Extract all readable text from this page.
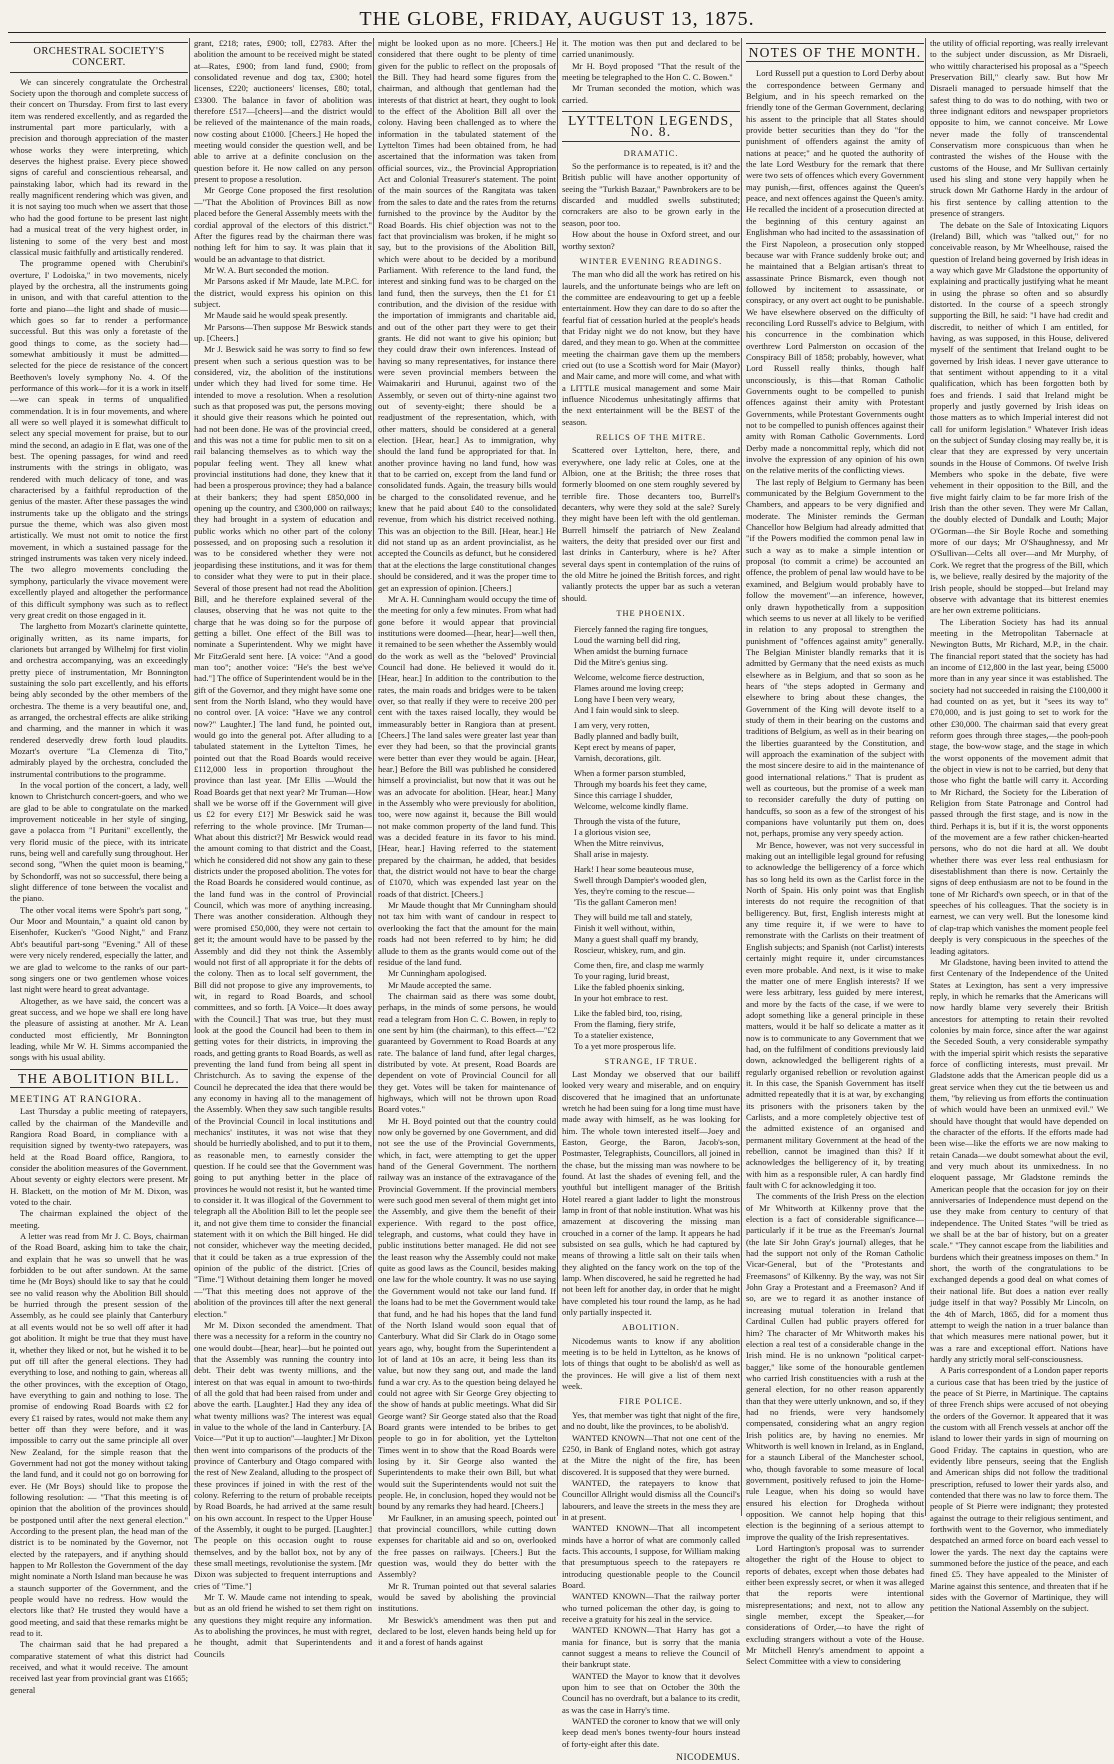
THE GLOBE, FRIDAY, AUGUST 13, 1875.
ORCHESTRAL SOCIETY'S CONCERT.

We can sincerely congratulate the Orchestral Society upon the thorough and complete success of their concert on Thursday. From first to last every item was rendered excellently, and as regarded the instrumental part more particularly, with a precision and thorough appreciation of the master whose works they were interpreting, which deserves the highest praise. Every piece showed signs of careful and conscientious rehearsal, and painstaking labor, which had its reward in the really magnificent rendering which was given, and it is not saying too much when we assert that those who had the good fortune to be present last night had a musical treat of the very highest order, in listening to some of the very best and most classical music faithfully and artistically rendered.

The programme opened with Cherubini's overture, I' Lodoiska," in two movements, nicely played by the orchestra, all the instruments going in unison, and with that careful attention to the forte and piano—the light and shade of music—which goes so far to render a performance successful. But this was only a foretaste of the good things to come, as the society had—somewhat ambitiously it must be admitted—selected for the piece de resistance of the concert Beethoven's lovely symphony No. 4. Of the performance of this work—for it is a work in itself—we can speak in terms of unqualified commendation. It is in four movements, and where all were so well played it is somewhat difficult to select any special movement for praise, but to our mind the second, an adagio in E flat, was one of the best. The opening passages, for wind and reed instruments with the strings in obligato, was rendered with much delicacy of tone, and was characterised by a faithful reproduction of the genius of the master. After these passages the wind instruments take up the obligato and the strings pursue the theme, which was also given most artistically. We must not omit to notice the first movement, in which a sustained passage for the stringed instruments was taken very nicely indeed. The two allegro movements concluding the symphony, particularly the vivace movement were excellently played and altogether the performance of this difficult symphony was such as to reflect very great credit on those engaged in it.

The larghetto from Mozart's clarinette quintette, originally written, as its name imparts, for clarionets but arranged by Wilhelmj for first violin and orchestra accompanying, was an exceedingly pretty piece of instrumentation, Mr Bonnington sustaining the solo part excellently, and his efforts being ably seconded by the other members of the orchestra. The theme is a very beautiful one, and, as arranged, the orchestral effects are alike striking and charming, and the manner in which it was rendered deservedly drew forth loud plaudits. Mozart's overture "La Clemenza di Tito," admirably played by the orchestra, concluded the instrumental contributions to the programme.

In the vocal portion of the concert, a lady, well known to Christchurch concert-goers, and who we are glad to be able to congratulate on the marked improvement noticeable in her style of singing, gave a polacca from "I Puritani" excellently, the very florid music of the piece, with its intricate runs, being well and carefully sung throughout. Her second song, "When the quiet moon is beaming," by Schondorff, was not so successful, there being a slight difference of tone between the vocalist and the piano.

The other vocal items were Spohr's part song, " Our Moor and Mountain," a quaint old canon by Eisenhofer, Kucken's "Good Night," and Franz Abt's beautiful part-song "Evening." All of these were very nicely rendered, especially the latter, and we are glad to welcome to the ranks of our part-song singers one or two gentlemen whose voices last night were heard to great advantage.

Altogether, as we have said, the concert was a great success, and we hope we shall ere long have the pleasure of assisting at another. Mr A. Lean conducted most efficiently, Mr Bonnington leading, while Mr W. H. Simms accompanied the songs with his usual ability.

THE ABOLITION BILL.
MEETING AT RANGIORA.

Last Thursday a public meeting of ratepayers, called by the chairman of the Mandeville and Rangiora Road Board, in compliance with a requisition signed by twenty-two ratepayers, was held at the Road Board office, Rangiora, to consider the abolition measures of the Government. About seventy or eighty electors were present. Mr H. Blackett, on the motion of Mr M. Dixon, was voted to the chair.

The chairman explained the object of the meeting.

A letter was read from Mr J. C. Boys, chairman of the Road Board, asking him to take the chair, and explain that he was so unwell that he was forbidden to be out after sundown. At the same time he (Mr Boys) should like to say that he could see no valid reason why the Abolition Bill should be hurried through the present session of the Assembly, as he could see plainly that Canterbury at all events would not be so well off after it had got abolition. It might be true that they must have it, whether they liked or not, but he wished it to be put off till after the general elections. They had everything to lose, and nothing to gain, whereas all the other provinces, with the exception of Otago, have everything to gain and nothing to lose. The promise of endowing Road Boards with £2 for every £1 raised by rates, would not make them any better off than they were before, and it was impossible to carry out the same principle all over New Zealand, for the simple reason that the Government had not got the money without taking the land fund, and it could not go on borrowing for ever. He (Mr Boys) should like to propose the following resolution: — "That this meeting is of opinion that the abolition of the provinces should be postponed until after the next general election." According to the present plan, the head man of the district is to be nominated by the Governor, not elected by the ratepayers, and if anything should happen to Mr Rolleston the Government of the day might nominate a North Island man because he was a staunch supporter of the Government, and the people would have no redress. How would the electors like that? He trusted they would have a good meeting, and said that these remarks might be read to it.

The chairman said that he had prepared a comparative statement of what this district had received, and what it would receive. The amount received last year from provincial grant was £1665; general

grant, £218; rates, £900; toll, £2783. After the abolition the amount to be received might be stated at—Rates, £900; from land fund, £900; from consolidated revenue and dog tax, £300; hotel licenses, £220; auctioneers' licenses, £80; total, £3300. The balance in favor of abolition was therefore £517—[cheers]—and the district would be relieved of the maintenance of the main roads, now costing about £1000. [Cheers.] He hoped the meeting would consider the question well, and be able to arrive at a definite conclusion on the question before it. He now called on any person present to propose a resolution.

Mr George Cone proposed the first resolution—"That the Abolition of Provinces Bill as now placed before the General Assembly meets with the cordial approval of the electors of this district." After the figures read by the chairman there was nothing left for him to say. It was plain that it would be an advantage to that district.

Mr W. A. Burt seconded the motion.

Mr Parsons asked if Mr Maude, late M.P.C. for the district, would express his opinion on this subject.

Mr Maude said he would speak presently.

Mr Parsons—Then suppose Mr Beswick stands up. [Cheers.]

Mr J. Beswick said he was sorry to find so few present when such a serious question was to be considered, viz, the abolition of the institutions under which they had lived for some time. He intended to move a resolution. When a resolution such as that proposed was put, the persons moving it should give their reasons which he pointed out had not been done. He was of the provincial creed, and this was not a time for public men to sit on a rail balancing themselves as to which way the popular feeling went. They all knew what provincial institutions had done, they knew that it had been a prosperous province; they had a balance at their bankers; they had spent £850,000 in opening up the country, and £300,000 on railways; they had brought in a system of education and public works which no other part of the colony possessed, and on proposing such a resolution it was to be considered whether they were not jeopardising these institutions, and it was for them to consider what they were to put in their place. Several of those present had not read the Abolition Bill, and he therefore explained several of the clauses, observing that he was not quite to the charge that he was doing so for the purpose of getting a billet. One effect of the Bill was to nominate a Superintendent. Why we might have Mr FitzGerald sent here. [A voice: "And a good man too"; another voice: "He's the best we've had."] The office of Superintendent would be in the gift of the Governor, and they might have some one sent from the North Island, who they would have no control over. [A voice: "Have we any control now?" Laughter.] The land fund, he pointed out, would go into the general pot. After alluding to a tabulated statement in the Lyttelton Times, he pointed out that the Road Boards would receive £112,000 less in proportion throughout the province than last year. [Mr Ellis —Would the Road Boards get that next year? Mr Truman—How shall we be worse off if the Government will give us £2 for every £1?] Mr Beswick said he was referring to the whole province. [Mr Truman—What about this district?] Mr Beswick would read the amount coming to that district and the Coast, which he considered did not show any gain to these districts under the proposed abolition. The votes for the Road Boards he considered would continue, as the land fund was in the control of Provincial Council, which was more of anything increasing. There was another consideration. Although they were promised £50,000, they were not certain to get it; the amount would have to be passed by the Assembly and did they not think the Assembly would not first of all appropriate it for the debts of the colony. Then as to local self government, the Bill did not propose to give any improvements, to wit, in regard to Road Boards, and school committees, and so forth. [A Voice—It does away with the Council.] That was true, but they must look at the good the Council had been to them in getting votes for their districts, in improving the roads, and getting grants to Road Boards, as well as preventing the land fund from being all spent in Christchurch. As to saving the expense of the Council he deprecated the idea that there would be any economy in having all to the management of the Assembly. When they saw such tangible results of the Provincial Council in local institutions and mechanics' institutes, it was not wise that they should be hurriedly abolished, and to put it to them, as reasonable men, to earnestly consider the question. If he could see that the Government was going to put anything better in the place of provinces he would not resist it, but he wanted time to consider it. It was illogical of the Government to telegraph all the Abolition Bill to let the people see it, and not give them time to consider the financial statement with it on which the Bill hinged. He did not consider, whichever way the meeting decided, that it could be taken as a true expression of the opinion of the public of the district. [Cries of "Time."] Without detaining them longer he moved—"That this meeting does not approve of the abolition of the provinces till after the next general election."

Mr M. Dixon seconded the amendment. That there was a necessity for a reform in the country no one would doubt—[hear, hear]—but he pointed out that the Assembly was running the country into debt. Their debt was twenty millions, and the interest on that was equal in amount to two-thirds of all the gold that had been raised from under and above the earth. [Laughter.] Had they any idea of what twenty millions was? The interest was equal in value to the whole of the land in Canterbury. [A Voice—"Put it up to auction"—laughter.] Mr Dixon then went into comparisons of the products of the province of Canterbury and Otago compared with the rest of New Zealand, alluding to the prospect of these provinces if joined in with the rest of the colony. Referring to the return of probable receipts by Road Boards, he had arrived at the same result on his own account. In respect to the Upper House of the Assembly, it ought to be purged. [Laughter.] The people on this occasion ought to rouse themselves, and by the ballot box, not by any of these small meetings, revolutionise the system. [Mr Dixon was subjected to frequent interruptions and cries of "Time."]

Mr T. W. Maude came not intending to speak, but as an old friend he wished to set them right on any questions they might require any information. As to abolishing the provinces, he must with regret, he thought, admit that Superintendents and Councils

might be looked upon as no more. [Cheers.] He considered that there ought to be plenty of time given for the public to reflect on the proposals of the Bill. They had heard some figures from the chairman, and although that gentleman had the interests of that district at heart, they ought to look to the effect of the Abolition Bill all over the colony. Having been challenged as to where the information in the tabulated statement of the Lyttelton Times had been obtained from, he had ascertained that the information was taken from official sources, viz., the Provincial Appropriation Act and Colonial Treasurer's statement. The point of the main sources of the Rangitata was taken from the sales to date and the rates from the returns furnished to the province by the Auditor by the Road Boards. His chief objection was not to the fact that provincialism was broken, if he might so say, but to the provisions of the Abolition Bill, which were about to be decided by a moribund Parliament. With reference to the land fund, the interest and sinking fund was to be charged on the land fund, then the surveys, then the £1 for £1 contribution, and the division of the residue with the importation of immigrants and charitable aid, and out of the other part they were to get their grants. He did not want to give his opinion; but they could draw their own inferences. Instead of having so many representatives, for instance there were seven provincial members between the Waimakariri and Hurunui, against two of the Assembly, or seven out of thirty-nine against two out of seventy-eight; there should be a readjustment of the representation, which, with other matters, should be considered at a general election. [Hear, hear.] As to immigration, why should the land fund be appropriated for that. In another province having no land fund, how was that to be carried on, except from the land fund or consolidated funds. Again, the treasury bills would be charged to the consolidated revenue, and he knew that he paid about £40 to the consolidated revenue, from which his district received nothing. This was an objection to the Bill. [Hear, hear.] He did not stand up as an ardent provincialist, as he accepted the Councils as defunct, but he considered that at the elections the large constitutional changes should be considered, and it was the proper time to get an expression of opinion. [Cheers.]

Mr A. H. Cunningham would occupy the time of the meeting for only a few minutes. From what had gone before it would appear that provincial institutions were doomed—[hear, hear]—well then, it remained to be seen whether the Assembly would do the work as well as the "beloved" Provincial Council had done. He believed it would do it. [Hear, hear.] In addition to the contribution to the rates, the main roads and bridges were to be taken over, so that really if they were to receive 200 per cent with the taxes raised locally, they would be immeasurably better in Rangiora than at present. [Cheers.] The land sales were greater last year than ever they had been, so that the provincial grants were better than ever they would be again. [Hear, hear.] Before the Bill was published he considered himself a provincialist, but now that it was out he was an advocate for abolition. [Hear, hear.] Many in the Assembly who were previously for abolition, too, were now against it, because the Bill would not make common property of the land fund. This was a decided feature in its favor to his mind. [Hear, hear.] Having referred to the statement prepared by the chairman, he added, that besides that, the district would not have to bear the charge of £1070, which was expended last year on the roads of that district. [Cheers.]

Mr Maude thought that Mr Cunningham should not tax him with want of candour in respect to overlooking the fact that the amount for the main roads had not been referred to by him; he did allude to them as the grants would come out of the residue of the land fund.

Mr Cunningham apologised.

Mr Maude accepted the same.

The chairman said as there was some doubt, perhaps, in the minds of some persons, he would read a telegram from Hon C. C. Bowen, in reply to one sent by him (the chairman), to this effect—"£2 guaranteed by Government to Road Boards at any rate. The balance of land fund, after legal charges, distributed by vote. At present, Road Boards are dependent on vote of Provincial Council for all they get. Votes will be taken for maintenance of highways, which will not be thrown upon Road Board votes."

Mr H. Boyd pointed out that the country could now only be governed by one Government, and did not see the use of the Provincial Governments, which, in fact, were attempting to get the upper hand of the General Government. The northern railway was an instance of the extravagance of the Provincial Government. If the provincial members were such good men several of them might get into the Assembly, and give them the benefit of their experience. With regard to the post office, telegraph, and customs, what could they have in public institutions better managed. He did not see the least reason why the Assembly could not make quite as good laws as the Council, besides making one law for the whole country. It was no use saying the Government would not take our land fund. If the loans had to be met the Government would take that fund, and he had his hopes that the land fund of the North Island would soon equal that of Canterbury. What did Sir Clark do in Otago some years ago, why, bought from the Superintendent a lot of land at 10s an acre, it being less than its value, but now they sang out, and made the land fund a war cry. As to the question being delayed he could not agree with Sir George Grey objecting to the show of hands at public meetings. What did Sir George want? Sir George stated also that the Road Board grants were intended to be bribes to get people to go in for abolition, yet the Lyttelton Times went in to show that the Road Boards were losing by it. Sir George also wanted the Superintendents to make their own Bill, but what would suit the Superintendents would not suit the people. He, in conclusion, hoped they would not be bound by any remarks they had heard. [Cheers.]

Mr Faulkner, in an amusing speech, pointed out that provincial councillors, while cutting down expenses for charitable aid and so on, overlooked the free passes on railways. [Cheers.] But the question was, would they do better with the Assembly?

Mr R. Truman pointed out that several salaries would be saved by abolishing the provincial institutions.

Mr Beswick's amendment was then put and declared to be lost, eleven hands being held up for it and a forest of hands against

it. The motion was then put and declared to be carried unanimously.

Mr H. Boyd proposed "That the result of the meeting be telegraphed to the Hon C. C. Bowen."

Mr Truman seconded the motion, which was carried.

LYTTELTON LEGENDS, No. 8.
DRAMATIC.

So the performance is to repeated, is it? and the British public will have another opportunity of seeing the "Turkish Bazaar," Pawnbrokers are to be discarded and muddled swells substituted; corncrakers are also to be grown early in the season, poor too.

How about the house in Oxford street, and our worthy sexton?

WINTER EVENING READINGS.

The man who did all the work has retired on his laurels, and the unfortunate beings who are left on the committee are endeavouring to get up a feeble entertainment. How they can dare to do so after the fearful fiat of cessation hurled at the people's heads that Friday night we do not know, but they have dared, and they mean to go. When at the committee meeting the chairman gave them up the members cried out (to use a Scottish word for Mair (Mayor) and Mair came, and more will come, and what with a LITTLE musical management and some Mair influence Nicodemus unhesitatingly affirms that the next entertainment will be the BEST of the season.

RELICS OF THE MITRE.

Scattered over Lyttelton, here, there, and everywhere, one lady relic at Coles, one at the Albion, one at the British; the three roses that formerly bloomed on one stem roughly severed by terrible fire. Those decanters too, Burrell's decanters, why were they sold at the sale? Surely they might have been left with the old gentleman. Burrell himself the patriarch of New Zealand waiters, the deity that presided over our first and last drinks in Canterbury, where is he? After several days spent in contemplation of the ruins of the old Mitre he joined the British forces, and right valiantly protects the upper bar as such a veteran should.

THE PHOENIX.
Fiercely fanned the raging fire tongues,
Loud the warning bell did ring,
When amidst the burning furnace
Did the Mitre's genius sing.
Welcome, welcome fierce destruction,
Flames around me loving creep;
Long have I been very weary,
And I fain would sink to sleep.
I am very, very rotten,
Badly planned and badly built,
Kept erect by means of paper,
Varnish, decorations, gilt.
When a former parson stumbled,
Through my boards his feet they came,
Since this carriage I shudder,
Welcome, welcome kindly flame.
Through the vista of the future,
I a glorious vision see,
When the Mitre reinvivus,
Shall arise in majesty.
Hark! I hear some beauteous muse,
Swell through Dampier's wooded glen,
Yes, they're coming to the rescue—
'Tis the gallant Cameron men!
They will build me tall and stately,
Finish it well without, within,
Many a guest shall quaff my brandy,
Roscieur, whiskey, rum, and gin.
Come then, fire, and clasp me warmly
To your raging, lurid breast,
Like the fabled phoenix sinking,
In your hot embrace to rest.
Like the fabled bird, too, rising,
From the flaming, fiery strife,
To a statelier existence,
To a yet more prosperous life.
STRANGE, IF TRUE.

Last Monday we observed that our bailiff looked very weary and miserable, and on enquiry discovered that he imagined that an unfortunate wretch he had been suing for a long time must have made away with himself, as he was looking for him. The whole town interested itself—Joey and Easton, George, the Baron, Jacob's-son, Postmaster, Telegraphists, Councillors, all joined in the chase, but the missing man was nowhere to be found. At last the shades of evening fell, and the youthful but intelligent manager of the British Hotel reared a giant ladder to light the monstrous lamp in front of that noble institution. What was his amazement at discovering the missing man crouched in a corner of the lamp. It appears he had subsisted on sea gulls, which he had captured by means of throwing a little salt on their tails when they alighted on the fancy work on the top of the lamp. When discovered, he said he regretted he had not been left for another day, in order that he might have completed his tour round the lamp, as he had only partially inspected it.

ABOLITION.

Nicodemus wants to know if any abolition meeting is to be held in Lyttelton, as he knows of lots of things that ought to be abolish'd as well as the provinces. He will give a list of them next week.

FIRE POLICE.

Yes, that member was tight that night of the fire, and no doubt, like the provinces, to be abolish'd.

WANTED KNOWN—That not one cent of the £250, in Bank of England notes, which got astray at the Mitre the night of the fire, has been discovered. It is supposed that they were burned.

WANTED, the ratepayers to know that Councillor Allright would dismiss all the Council's labourers, and leave the streets in the mess they are in at present.

WANTED KNOWN—That all incompetent minds have a horror of what are commonly called facts. This accounts, I suppose, for William making that presumptuous speech to the ratepayers re introducing questionable people to the Council Board.

WANTED KNOWN—That the railway porter who turned policeman the other day, is going to receive a gratuity for his zeal in the service.

WANTED KNOWN—That Harry has got a mania for finance, but is sorry that the mania cannot suggest a means to relieve the Council of their bankrupt state.

WANTED the Mayor to know that it devolves upon him to see that on October the 30th the Council has no overdraft, but a balance to its credit, as was the case in Harry's time.

WANTED the coroner to know that we will only keep dead men's bones twenty-four hours instead of forty-eight after this date.

NICODEMUS.
NOTES OF THE MONTH.

Lord Russell put a question to Lord Derby about the correspondence between Germany and Belgium, and in his speech remarked on the friendly tone of the German Government, declaring his assent to the principle that all States should provide better securities than they do "for the punishment of offenders against the amity of nations at peace;" and he quoted the authority of the late Lord Westbury for the remark that there were two sets of offences which every Government may punish,—first, offences against the Queen's peace, and next offences against the Queen's amity. He recalled the incident of a prosecution directed at the beginning of this century against an Englishman who had incited to the assassination of the First Napoleon, a prosecution only stopped because war with France suddenly broke out; and he maintained that a Belgian artisan's threat to assassinate Prince Bismarck, even though not followed by incitement to assassinate, or conspiracy, or any overt act ought to be punishable. We have elsewhere observed on the difficulty of reconciling Lord Russell's advice to Belgium, with his concurrence in the combination which overthrew Lord Palmerston on occasion of the Conspiracy Bill of 1858; probably, however, what Lord Russell really thinks, though half unconsciously, is this—that Roman Catholic Governments ought to be compelled to punish offences against their amity with Protestant Governments, while Protestant Governments ought not to be compelled to punish offences against their amity with Roman Catholic Governments. Lord Derby made a noncommittal reply, which did not involve the expression of any opinion of his own on the relative merits of the conflicting views.

The last reply of Belgium to Germany has been communicated by the Belgium Government to the Chambers, and appears to be very dignified and moderate. The Minister reminds the German Chancellor how Belgium had already admitted that "if the Powers modified the common penal law in such a way as to make a simple intention or proposal (to commit a crime) be accounted an offence, the problem of penal law would have to be examined, and Belgium would probably have to follow the movement"—an inference, however, only drawn hypothetically from a supposition which seems to us never at all likely to be verified in relation to any proposal to strengthen the punishment of "offences against amity" generally. The Belgian Minister blandly remarks that it is admitted by Germany that the need exists as much elsewhere as in Belgium, and that so soon as he hears of "the steps adopted in Germany and elsewhere to bring about these changes, the Government of the King will devote itself to a study of them in their bearing on the customs and traditions of Belgium, as well as in their bearing on the liberties guaranteed by the Constitution, and will approach the examination of the subject with the most sincere desire to aid in the maintenance of good international relations." That is prudent as well as courteous, but the promise of a week man to reconsider carefully the duty of putting on handcuffs, so soon as a few of the strongest of his companions have voluntarily put them on, does not, perhaps, promise any very speedy action.

Mr Bence, however, was not very successful in making out an intelligible legal ground for refusing to acknowledge the belligerency of a force which has so long held its own as the Carlist force in the North of Spain. His only point was that English interests do not require the recognition of that belligerency. But, first, English interests might at any time require it, if we were to have to remonstrate with the Carlists on their treatment of English subjects; and Spanish (not Carlist) interests certainly might require it, under circumstances even more probable. And next, is it wise to make the matter one of mere English interests? If we were less arbitrary, less guided by mere interest, and more by the facts of the case, if we were to adopt something like a general principle in these matters, would it be half so delicate a matter as it now is to communicate to any Government that we had, on the fulfilment of conditions previously laid down, acknowledged the belligerent rights of a regularly organised rebellion or revolution against it. In this case, the Spanish Government has itself admitted repeatedly that it is at war, by exchanging its prisoners with the prisoners taken by the Carlists, and a more completely objective test of the admitted existence of an organised and permanent military Government at the head of the rebellion, cannot be imagined than this? If it acknowledges the belligerency of it, by treating with him as a responsible ruler, A can hardly find fault with C for acknowledging it too.

The comments of the Irish Press on the election of Mr Whitworth at Kilkenny prove that the election is a fact of considerable significance—particularly if it be true as the Freeman's Journal (the late Sir John Gray's journal) alleges, that he had the support not only of the Roman Catholic Vicar-General, but of the "Protestants and Freemasons" of Kilkenny. By the way, was not Sir John Gray a Protestant and a Freemason? And if so, are we to regard it as another instance of increasing mutual toleration in Ireland that Cardinal Cullen had public prayers offered for him? The character of Mr Whitworth makes his election a real test of a considerable change in the Irish mind. He is no unknown "political carpet-bagger," like some of the honourable gentlemen who carried Irish constituencies with a rush at the general election, for no other reason apparently than that they were utterly unknown, and so, if they had no friends, were very handsomely compensated, considering what an angry region Irish politics are, by having no enemies. Mr Whitworth is well known in Ireland, as in England, for a staunch Liberal of the Manchester school, who, though favorable to some measure of local government, positively refused to join the Home-rule League, when his doing so would have ensured his election for Drogheda without opposition. We cannot help hoping that this election is the beginning of a serious attempt to improve the quality of the Irish representatives.

Lord Hartington's proposal was to surrender altogether the right of the House to object to reports of debates, except when those debates had either been expressly secret, or when it was alleged that the reports were intentional misrepresentations; and next, not to allow any single member, except the Speaker,—for considerations of Order,—to have the right of excluding strangers without a vote of the House. Mr Mitchell Henry's amendment to appoint a Select Committee with a view to considering

the utility of official reporting, was really irrelevant to the subject under discussion, as Mr Disraeli, who wittily characterised his proposal as a "Speech Preservation Bill," clearly saw. But how Mr Disraeli managed to persuade himself that the safest thing to do was to do nothing, with two or three indignant editors and newspaper proprietors opposite to him, we cannot conceive. Mr Lowe never made the folly of transcendental Conservatism more conspicuous than when he contrasted the wishes of the House with the customs of the House, and Mr Sullivan certainly used his sling and stone very happily when he struck down Mr Gathorne Hardy in the ardour of his first sentence by calling attention to the presence of strangers.

The debate on the Sale of Intoxicating Liquors (Ireland) Bill, which was "talked out," for no conceivable reason, by Mr Wheelhouse, raised the question of Ireland being governed by Irish ideas in a way which gave Mr Gladstone the opportunity of explaining and practically justifying what he meant in using the phrase so often and so absurdly distorted. In the course of a speech strongly supporting the Bill, he said: "I have had credit and discredit, to neither of which I am entitled, for having, as was supposed, in this House, delivered myself of the sentiment that Ireland ought to be governed by Irish ideas. I never gave utterance to that sentiment without appending to it a vital qualification, which has been forgotten both by foes and friends. I said that Ireland might be properly and justly governed by Irish ideas on those matters as to which Imperial interest did not call for uniform legislation." Whatever Irish ideas on the subject of Sunday closing may really be, it is clear that they are expressed by very uncertain sounds in the House of Commons. Of twelve Irish Members who spoke in the debate, five were vehement in their opposition to the Bill, and the five might fairly claim to be far more Irish of the Irish than the other seven. They were Mr Callan, the doubly elected of Dundalk and Louth; Major O'Gorman—the Sir Boyle Roche and something more of our days; Mr O'Shaughnessy, and Mr O'Sullivan—Celts all over—and Mr Murphy, of Cork. We regret that the progress of the Bill, which is, we believe, really desired by the majority of the Irish people, should be stopped—but Ireland may observe with advantage that its bitterest enemies are her own extreme politicians.

The Liberation Society has had its annual meeting in the Metropolitan Tabernacle at Newington Butts, Mr Richard, M.P., in the chair. The financial report stated that the society has had an income of £12,800 in the last year, being £5000 more than in any year since it was established. The society had not succeeded in raising the £100,000 it had counted on as yet, but it "sees its way to" £70,000, and is just going to set to work for the other £30,000. The chairman said that every great reform goes through three stages,—the pooh-pooh stage, the bow-wow stage, and the stage in which the worst opponents of the movement admit that the object in view is not to be carried, but deny that those who fight the battle will carry it. According to Mr Richard, the Society for the Liberation of Religion from State Patronage and Control had passed through the first stage, and is now in the third. Perhaps it is, but if it is, the worst opponents of the movement are a few rather chicken-hearted persons, who do not die hard at all. We doubt whether there was ever less real enthusiasm for disestablishment than there is now. Certainly the signs of deep enthusiasm are not to be found in the tone of Mr Richard's own speech, or in that of the speeches of his colleagues. That the society is in earnest, we can very well. But the lonesome kind of clap-trap which vanishes the moment people feel deeply is very conspicuous in the speeches of the leading agitators.

Mr Gladstone, having been invited to attend the first Centenary of the Independence of the United States at Lexington, has sent a very impressive reply, in which he remarks that the Americans will now hardly blame very severely their British ancestors for attempting to retain their revolted colonies by main force, since after the war against the Seceded South, a very considerable sympathy with the imperial spirit which resists the separative force of conflicting interests, must prevail. Mr Gladstone adds that the American people did us a great service when they cut the tie between us and them, "by relieving us from efforts the continuation of which would have been an unmixed evil." We should have thought that would have depended on the character of the efforts. If the efforts made had been wise—like the efforts we are now making to retain Canada—we doubt somewhat about the evil, and very much about its unmixedness. In no eloquent passage, Mr Gladstone reminds the American people that the occasion for joy on their anniversaries of Independence must depend on the use they make from century to century of that independence. The United States "will be tried as we shall be at the bar of history, but on a greater scale." "They cannot escape from the liabilities and burdens which their greatness imposes on them." In short, the worth of the congratulations to be exchanged depends a good deal on what comes of their national life. But does a nation ever really judge itself in that way? Possibly Mr Lincoln, on the 4th of March, 1865, did for a moment thus attempt to weigh the nation in a truer balance than that which measures mere national power, but it was a rare and exceptional effort. Nations have hardly any strictly moral self-consciousness.

A Paris correspondent of a London paper reports a curious case that has been tried by the justice of the peace of St Pierre, in Martinique. The captains of three French ships were accused of not obeying the orders of the Governor. It appeared that it was the custom with all French vessels at anchor off the island to lower their yards in sign of mourning on Good Friday. The captains in question, who are evidently libre penseurs, seeing that the English and American ships did not follow the traditional prescription, refused to lower their yards also, and contended that there was no law to force them. The people of St Pierre were indignant; they protested against the outrage to their religious sentiment, and forthwith went to the Governor, who immediately despatched an armed force on board each vessel to lower the yards. The next day the captains were summoned before the justice of the peace, and each fined £5. They have appealed to the Minister of Marine against this sentence, and threaten that if he sides with the Governor of Martinique, they will petition the National Assembly on the subject.
